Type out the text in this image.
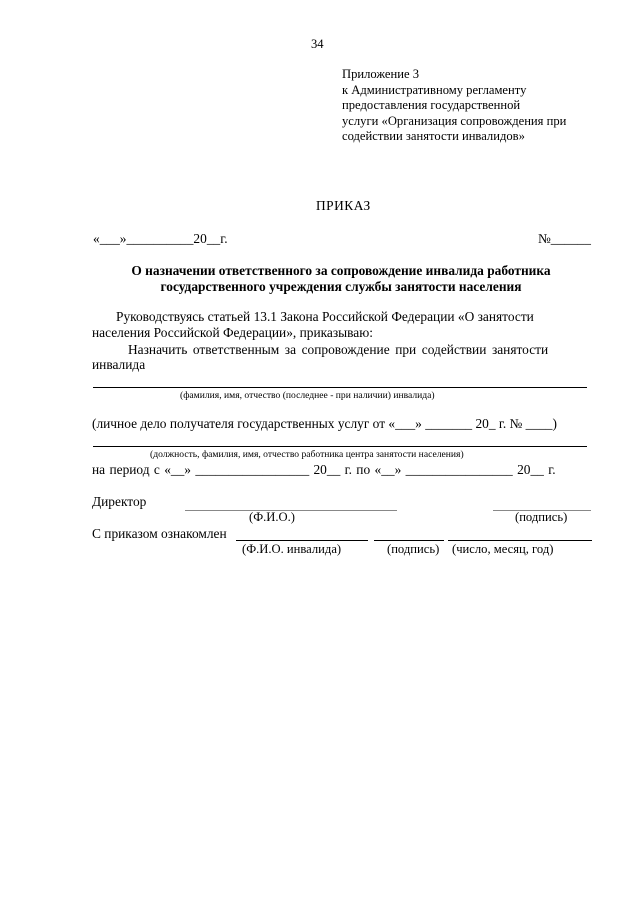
34
Приложение 3
к Административному регламенту
предоставления государственной
услуги «Организация сопровождения при
содействии занятости инвалидов»
ПРИКАЗ
«___»__________20__г.	№______
О назначении ответственного за сопровождение инвалида работника
государственного учреждения службы занятости населения
Руководствуясь статьей 13.1 Закона Российской Федерации «О занятости
населения Российской Федерации», приказываю:
Назначить ответственным за сопровождение при содействии занятости
инвалида
(фамилия, имя, отчество (последнее - при наличии) инвалида)
(личное дело получателя государственных услуг от «___» _______ 20_ г. № ____)
(должность, фамилия, имя, отчество работника центра занятости населения)
на период с «__» _________________ 20__ г. по «__» ________________ 20__ г.
Директор
(Ф.И.О.)	(подпись)
С приказом ознакомлен
(Ф.И.О. инвалида)	(подпись) (число, месяц, год)
